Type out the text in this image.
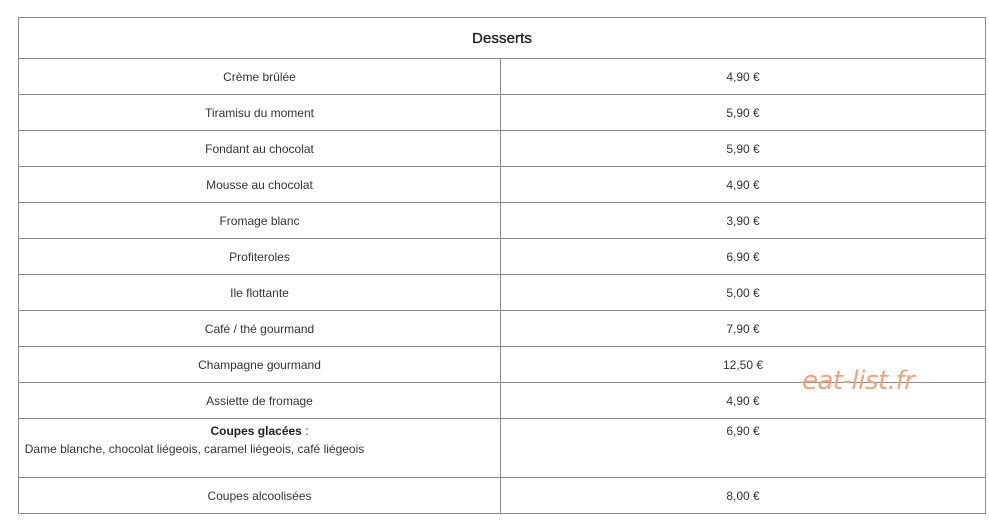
Desserts	
Crème brûlée	4,90 €
Tiramisu du moment	5,90 €
Fondant au chocolat	5,90 €
Mousse au chocolat	4,90 €
Fromage blanc	3,90 €
Profiteroles	6,90 €
Ile flottante	5,00 €
Café / thé gourmand	7,90 €
Champagne gourmand	12,50 €
Assiette de fromage	4,90 €

Coupes glacées :
Dame blanche, chocolat liégeois, caramel liégeois, café liégeois	6,90 €
Coupes alcoolisées	8,00 €
eat-list.fr
